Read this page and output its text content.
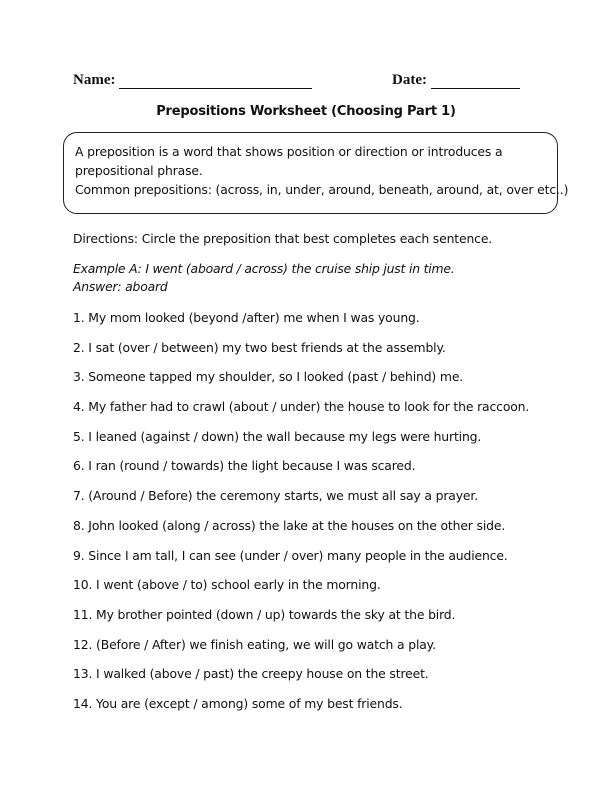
Name:	Date:
Prepositions Worksheet (Choosing Part 1)
A preposition is a word that shows position or direction or introduces a
prepositional phrase.
Common prepositions: (across, in, under, around, beneath, around, at, over etc..)
Directions: Circle the preposition that best completes each sentence.
Example A: I went (aboard / across) the cruise ship just in time.
Answer: aboard
1. My mom looked (beyond /after) me when I was young.
2. I sat (over / between) my two best friends at the assembly.
3. Someone tapped my shoulder, so I looked (past / behind) me.
4. My father had to crawl (about / under) the house to look for the raccoon.
5. I leaned (against / down) the wall because my legs were hurting.
6. I ran (round / towards) the light because I was scared.
7. (Around / Before) the ceremony starts, we must all say a prayer.
8. John looked (along / across) the lake at the houses on the other side.
9. Since I am tall, I can see (under / over) many people in the audience.
10. I went (above / to) school early in the morning.
11. My brother pointed (down / up) towards the sky at the bird.
12. (Before / After) we finish eating, we will go watch a play.
13. I walked (above / past) the creepy house on the street.
14. You are (except / among) some of my best friends.
